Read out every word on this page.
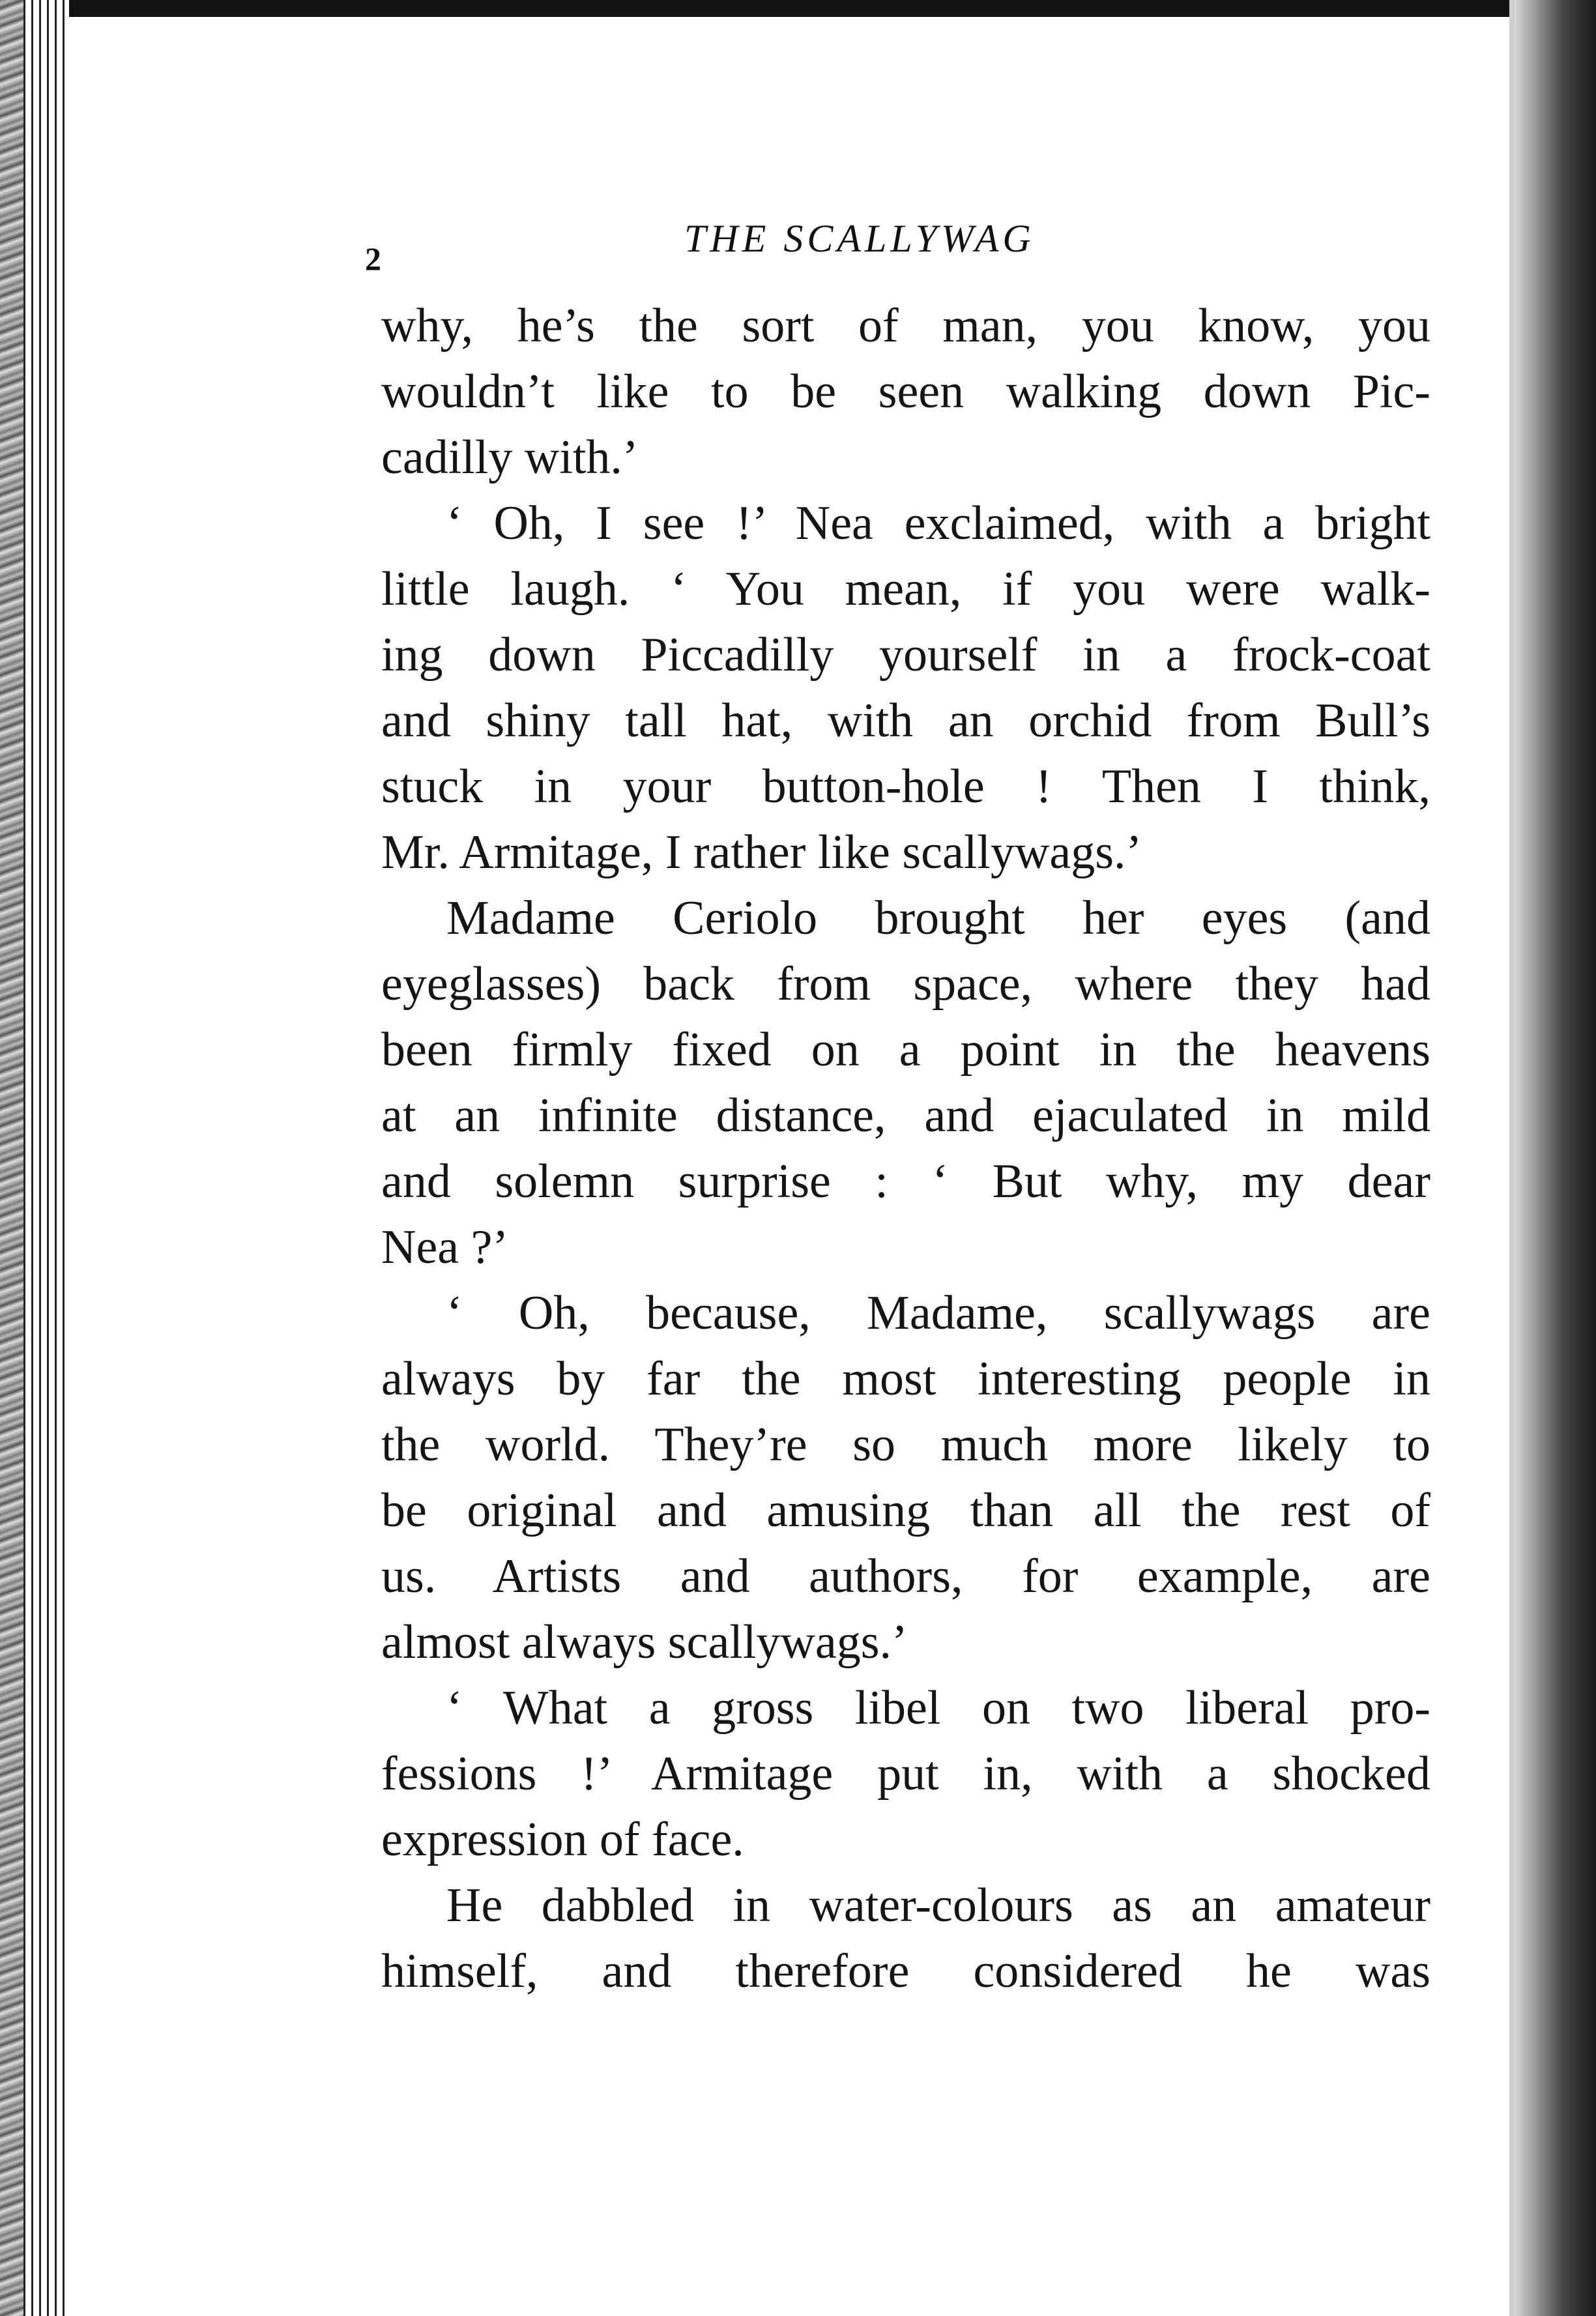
2	THE SCALLYWAG
why, he’s the sort of man, you know, you
wouldn’t like to be seen walking down Pic-
cadilly with.’
‘ Oh, I see !’ Nea exclaimed, with a bright
little laugh. ‘ You mean, if you were walk-
ing down Piccadilly yourself in a frock-coat
and shiny tall hat, with an orchid from Bull’s
stuck in your button-hole ! Then I think,
Mr. Armitage, I rather like scallywags.’
Madame Ceriolo brought her eyes (and
eyeglasses) back from space, where they had
been firmly fixed on a point in the heavens
at an infinite distance, and ejaculated in mild
and solemn surprise : ‘ But why, my dear
Nea ?’
‘ Oh, because, Madame, scallywags are
always by far the most interesting people in
the world. They’re so much more likely to
be original and amusing than all the rest of
us. Artists and authors, for example, are
almost always scallywags.’
‘ What a gross libel on two liberal pro-
fessions !’ Armitage put in, with a shocked
expression of face.
He dabbled in water-colours as an amateur
himself, and therefore considered he was
